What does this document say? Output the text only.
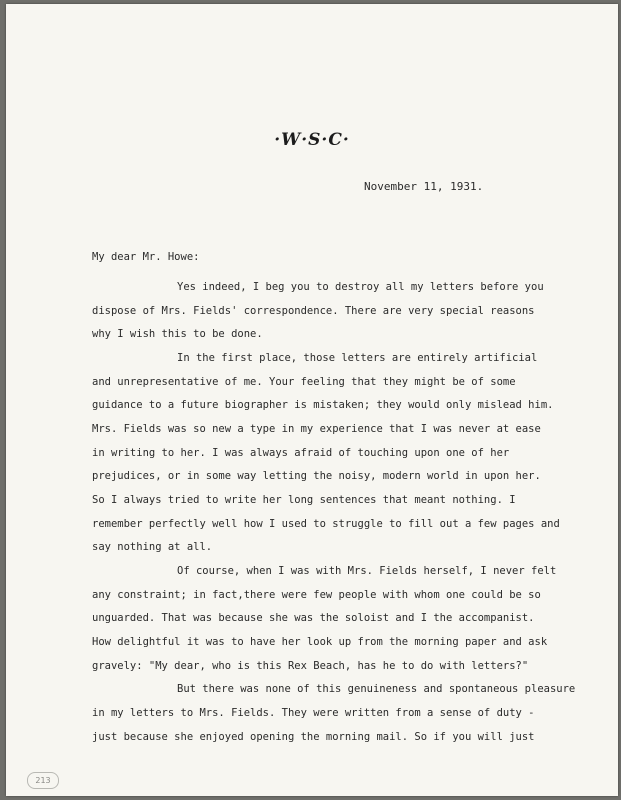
·W·S·C·
November 11, 1931.
My dear Mr. Howe:
Yes indeed, I beg you to destroy all my letters before you
dispose of Mrs. Fields' correspondence. There are very special reasons
why I wish this to be done.
In the first place, those letters are entirely artificial
and unrepresentative of me. Your feeling that they might be of some
guidance to a future biographer is mistaken; they would only mislead him.
Mrs. Fields was so new a type in my experience that I was never at ease
in writing to her. I was always afraid of touching upon one of her
prejudices, or in some way letting the noisy, modern world in upon her.
So I always tried to write her long sentences that meant nothing. I
remember perfectly well how I used to struggle to fill out a few pages and
say nothing at all.
Of course, when I was with Mrs. Fields herself, I never felt
any constraint; in fact,there were few people with whom one could be so
unguarded. That was because she was the soloist and I the accompanist.
How delightful it was to have her look up from the morning paper and ask
gravely: "My dear, who is this Rex Beach, has he to do with letters?"
But there was none of this genuineness and spontaneous pleasure
in my letters to Mrs. Fields. They were written from a sense of duty -
just because she enjoyed opening the morning mail. So if you will just
213
